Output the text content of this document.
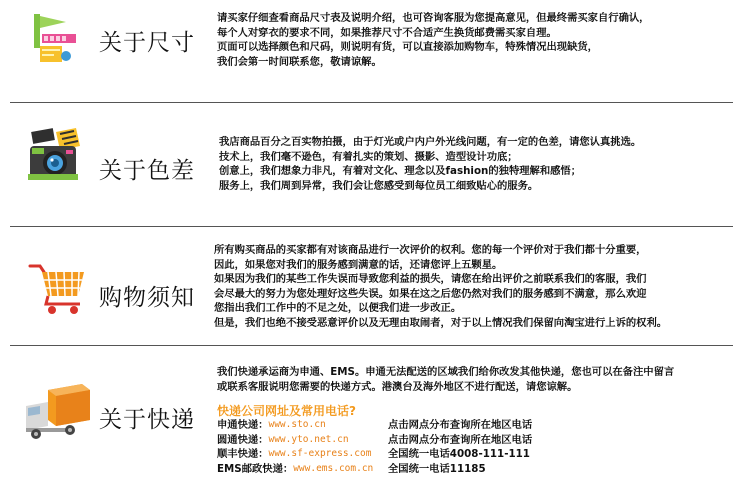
关于尺寸

请买家仔细查看商品尺寸表及说明介绍，也可咨询客服为您提高意见，但最终需买家自行确认，

每个人对穿衣的要求不同，如果推荐尺寸不合适产生换货邮费需买家自理。

页面可以选择颜色和尺码，则说明有货，可以直接添加购物车，特殊情况出现缺货，

我们会第一时间联系您，敬请谅解。

关于色差

我店商品百分之百实物拍摄，由于灯光或户内户外光线问题，有一定的色差，请您认真挑选。

技术上，我们毫不逊色，有着扎实的策划、摄影、造型设计功底；

创意上，我们想象力非凡，有着对文化、理念以及fashion的独特理解和感悟；

服务上，我们周到异常，我们会让您感受到每位员工细致贴心的服务。

购物须知

所有购买商品的买家都有对该商品进行一次评价的权利。您的每一个评价对于我们都十分重要，

因此，如果您对我们的服务感到满意的话，还请您评上五颗星。

如果因为我们的某些工作失误而导致您利益的损失，请您在给出评价之前联系我们的客服，我们

会尽最大的努力为您处理好这些失误。如果在这之后您仍然对我们的服务感到不满意，那么欢迎

您指出我们工作中的不足之处，以便我们进一步改正。

但是，我们也绝不接受恶意评价以及无理由取闹者，对于以上情况我们保留向淘宝进行上诉的权利。

关于快递

我们快递承运商为申通、EMS。申通无法配送的区域我们给你改发其他快递，您也可以在备注中留言

或联系客服说明您需要的快递方式。港澳台及海外地区不进行配送，请您谅解。

快递公司网址及常用电话?
申通快递： www.sto.cn	点击网点分布查询所在地区电话
圆通快递： www.yto.net.cn	点击网点分布查询所在地区电话
顺丰快递： www.sf-express.com 全国统一电话4008-111-111
EMS邮政快递： www.ems.com.cn 全国统一电话11185
